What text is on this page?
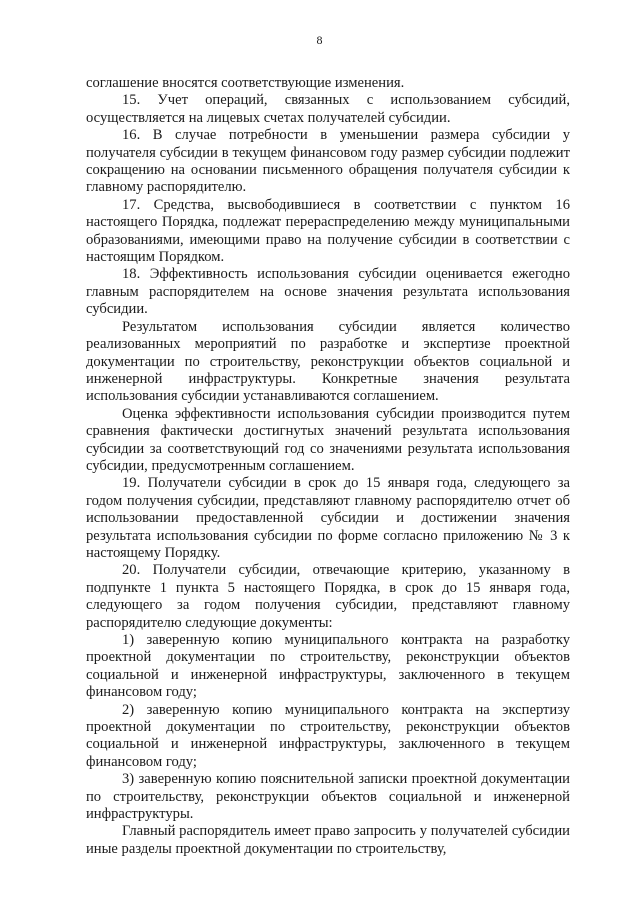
8

соглашение вносятся соответствующие изменения.

15. Учет операций, связанных с использованием субсидий, осуществляется на лицевых счетах получателей субсидии.

16. В случае потребности в уменьшении размера субсидии у получателя субсидии в текущем финансовом году размер субсидии подлежит сокращению на основании письменного обращения получателя субсидии к главному распорядителю.

17. Средства, высвободившиеся в соответствии с пунктом 16 настоящего Порядка, подлежат перераспределению между муниципальными образованиями, имеющими право на получение субсидии в соответствии с настоящим Порядком.

18. Эффективность использования субсидии оценивается ежегодно главным распорядителем на основе значения результата использования субсидии.

Результатом использования субсидии является количество реализованных мероприятий по разработке и экспертизе проектной документации по строительству, реконструкции объектов социальной и инженерной инфраструктуры. Конкретные значения результата использования субсидии устанавливаются соглашением.

Оценка эффективности использования субсидии производится путем сравнения фактически достигнутых значений результата использования субсидии за соответствующий год со значениями результата использования субсидии, предусмотренным соглашением.

19. Получатели субсидии в срок до 15 января года, следующего за годом получения субсидии, представляют главному распорядителю отчет об использовании предоставленной субсидии и достижении значения результата использования субсидии по форме согласно приложению № 3 к настоящему Порядку.

20. Получатели субсидии, отвечающие критерию, указанному в подпункте 1 пункта 5 настоящего Порядка, в срок до 15 января года, следующего за годом получения субсидии, представляют главному распорядителю следующие документы:

1) заверенную копию муниципального контракта на разработку проектной документации по строительству, реконструкции объектов социальной и инженерной инфраструктуры, заключенного в текущем финансовом году;

2) заверенную копию муниципального контракта на экспертизу проектной документации по строительству, реконструкции объектов социальной и инженерной инфраструктуры, заключенного в текущем финансовом году;

3) заверенную копию пояснительной записки проектной документации по строительству, реконструкции объектов социальной и инженерной инфраструктуры.

Главный распорядитель имеет право запросить у получателей субсидии иные разделы проектной документации по строительству,
